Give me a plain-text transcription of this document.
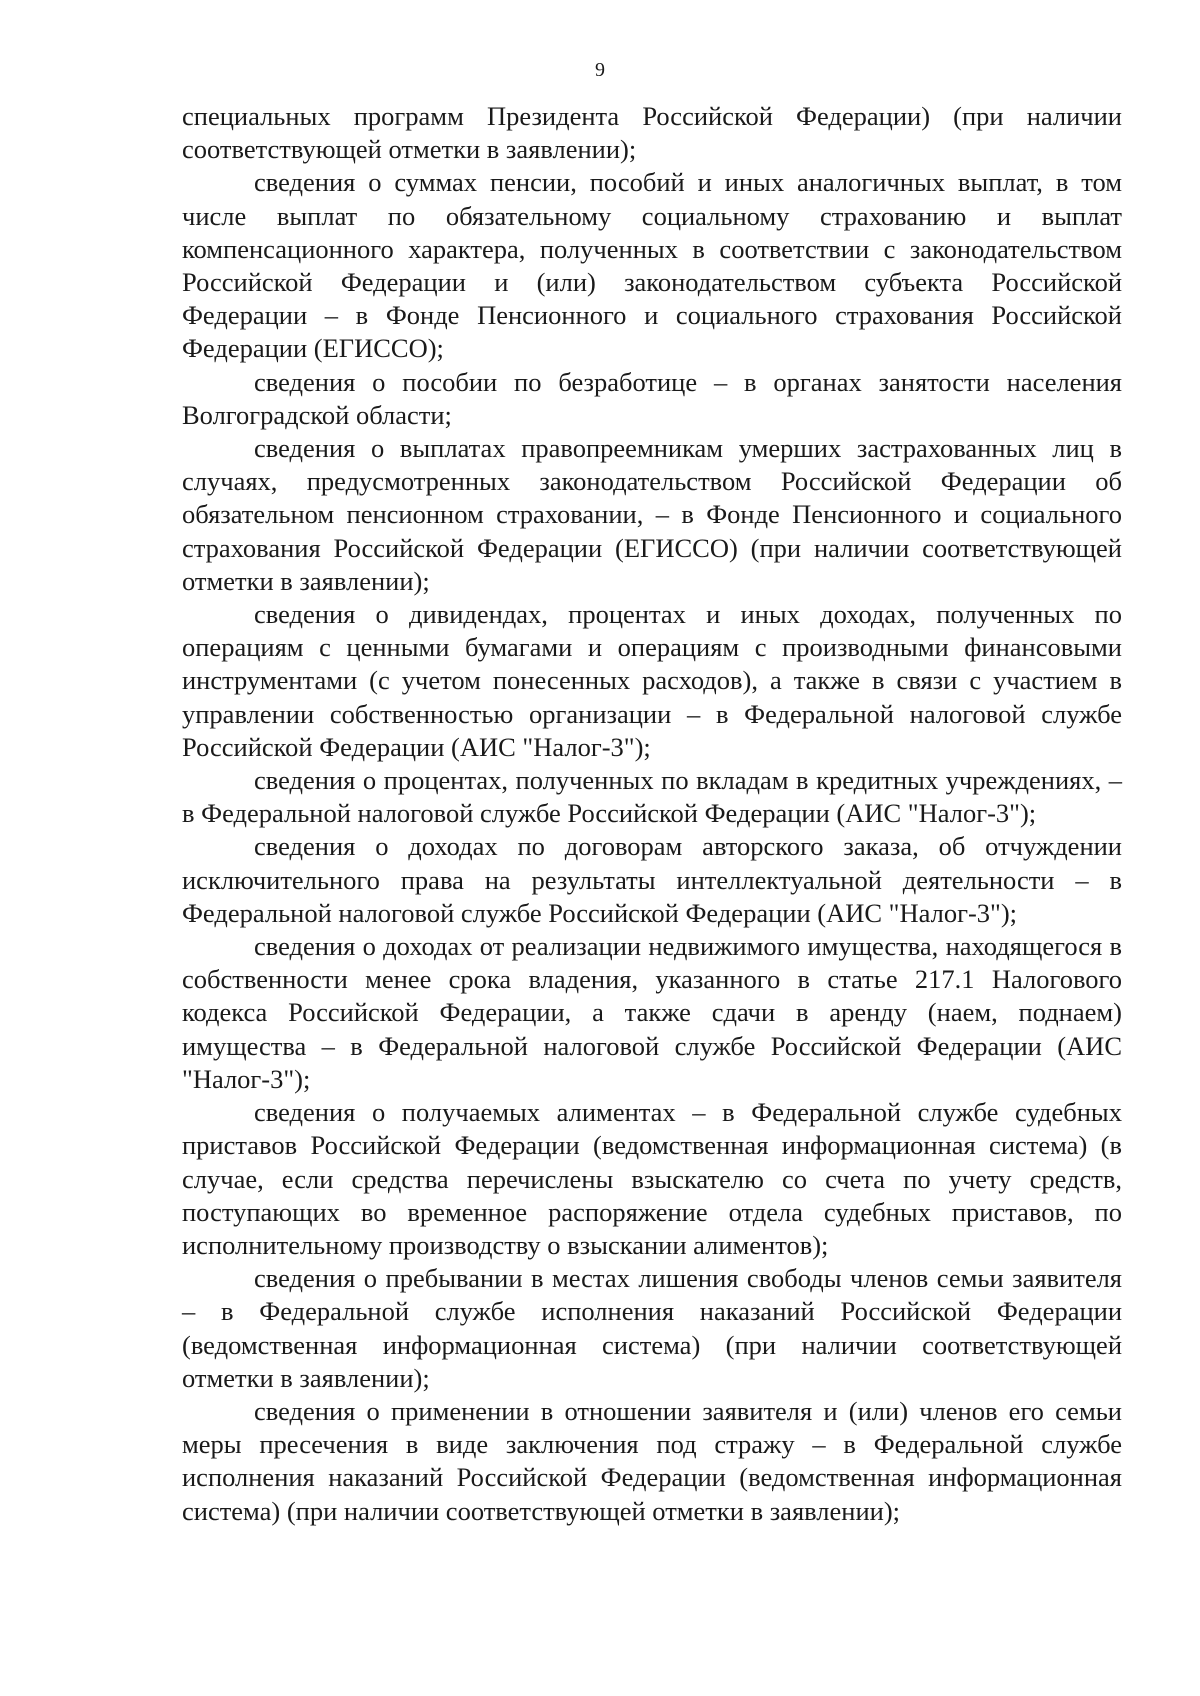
9

специальных программ Президента Российской Федерации) (при наличии соответствующей отметки в заявлении);

сведения о суммах пенсии, пособий и иных аналогичных выплат, в том числе выплат по обязательному социальному страхованию и выплат компенсационного характера, полученных в соответствии с законодательством Российской Федерации и (или) законодательством субъекта Российской Федерации – в Фонде Пенсионного и социального страхования Российской Федерации (ЕГИССО);

сведения о пособии по безработице – в органах занятости населения Волгоградской области;

сведения о выплатах правопреемникам умерших застрахованных лиц в случаях, предусмотренных законодательством Российской Федерации об обязательном пенсионном страховании, – в Фонде Пенсионного и социального страхования Российской Федерации (ЕГИССО) (при наличии соответствующей отметки в заявлении);

сведения о дивидендах, процентах и иных доходах, полученных по операциям с ценными бумагами и операциям с производными финансовыми инструментами (с учетом понесенных расходов), а также в связи с участием в управлении собственностью организации – в Федеральной налоговой службе Российской Федерации (АИС "Налог-3");

сведения о процентах, полученных по вкладам в кредитных учреждениях, – в Федеральной налоговой службе Российской Федерации (АИС "Налог-3");

сведения о доходах по договорам авторского заказа, об отчуждении исключительного права на результаты интеллектуальной деятельности – в Федеральной налоговой службе Российской Федерации (АИС "Налог-3");

сведения о доходах от реализации недвижимого имущества, находящегося в собственности менее срока владения, указанного в статье 217.1 Налогового кодекса Российской Федерации, а также сдачи в аренду (наем, поднаем) имущества – в Федеральной налоговой службе Российской Федерации (АИС "Налог-3");

сведения о получаемых алиментах – в Федеральной службе судебных приставов Российской Федерации (ведомственная информационная система) (в случае, если средства перечислены взыскателю со счета по учету средств, поступающих во временное распоряжение отдела судебных приставов, по исполнительному производству о взыскании алиментов);

сведения о пребывании в местах лишения свободы членов семьи заявителя – в Федеральной службе исполнения наказаний Российской Федерации (ведомственная информационная система) (при наличии соответствующей отметки в заявлении);

сведения о применении в отношении заявителя и (или) членов его семьи меры пресечения в виде заключения под стражу – в Федеральной службе исполнения наказаний Российской Федерации (ведомственная информационная система) (при наличии соответствующей отметки в заявлении);
